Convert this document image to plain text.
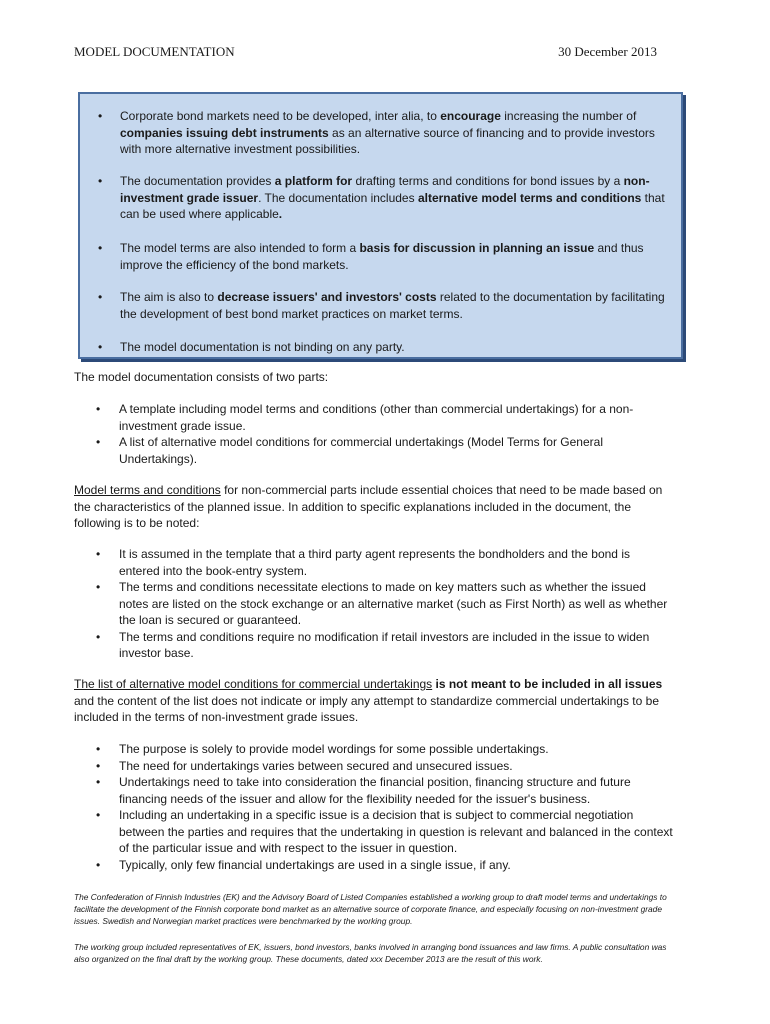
MODEL DOCUMENTATION	30 December 2013
• Corporate bond markets need to be developed, inter alia, to encourage increasing the number of companies issuing debt instruments as an alternative source of financing and to provide investors with more alternative investment possibilities.
• The documentation provides a platform for drafting terms and conditions for bond issues by a non-investment grade issuer. The documentation includes alternative model terms and conditions that can be used where applicable.
• The model terms are also intended to form a basis for discussion in planning an issue and thus improve the efficiency of the bond markets.
• The aim is also to decrease issuers' and investors' costs related to the documentation by facilitating the development of best bond market practices on market terms.
• The model documentation is not binding on any party.
The model documentation consists of two parts:
• A template including model terms and conditions (other than commercial undertakings) for a non-investment grade issue.
• A list of alternative model conditions for commercial undertakings (Model Terms for General Undertakings).
Model terms and conditions for non-commercial parts include essential choices that need to be made based on the characteristics of the planned issue. In addition to specific explanations included in the document, the following is to be noted:
• It is assumed in the template that a third party agent represents the bondholders and the bond is entered into the book-entry system.
• The terms and conditions necessitate elections to made on key matters such as whether the issued notes are listed on the stock exchange or an alternative market (such as First North) as well as whether the loan is secured or guaranteed.
• The terms and conditions require no modification if retail investors are included in the issue to widen investor base.
The list of alternative model conditions for commercial undertakings is not meant to be included in all issues and the content of the list does not indicate or imply any attempt to standardize commercial undertakings to be included in the terms of non-investment grade issues.
• The purpose is solely to provide model wordings for some possible undertakings.
• The need for undertakings varies between secured and unsecured issues.
• Undertakings need to take into consideration the financial position, financing structure and future financing needs of the issuer and allow for the flexibility needed for the issuer's business.
• Including an undertaking in a specific issue is a decision that is subject to commercial negotiation between the parties and requires that the undertaking in question is relevant and balanced in the context of the particular issue and with respect to the issuer in question.
• Typically, only few financial undertakings are used in a single issue, if any.
The Confederation of Finnish Industries (EK) and the Advisory Board of Listed Companies established a working group to draft model terms and undertakings to facilitate the development of the Finnish corporate bond market as an alternative source of corporate finance, and especially focusing on non-investment grade issues. Swedish and Norwegian market practices were benchmarked by the working group.
The working group included representatives of EK, issuers, bond investors, banks involved in arranging bond issuances and law firms. A public consultation was also organized on the final draft by the working group. These documents, dated xxx December 2013 are the result of this work.
